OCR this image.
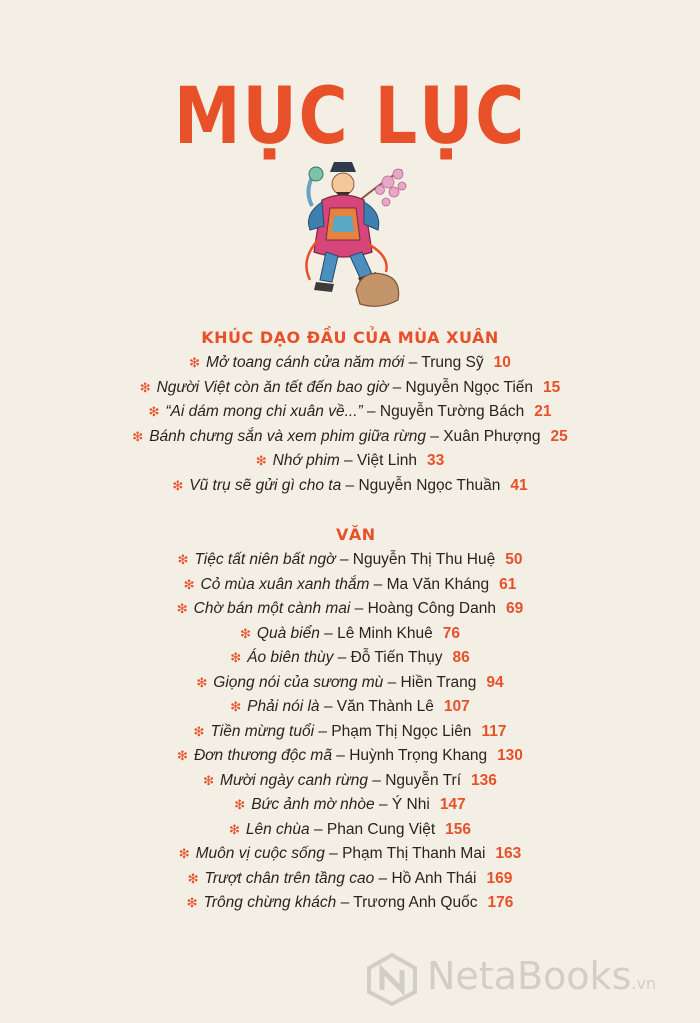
MỤC LỤC
KHÚC DẠO ĐẦU CỦA MÙA XUÂN
❇ Mở toang cánh cửa năm mới – Trung Sỹ 10
❇ Người Việt còn ăn tết đến bao giờ – Nguyễn Ngọc Tiến 15
❇ “Ai dám mong chi xuân về...” – Nguyễn Tường Bách 21
❇ Bánh chưng sắn và xem phim giữa rừng – Xuân Phượng 25
❇ Nhớ phim – Việt Linh 33
❇ Vũ trụ sẽ gửi gì cho ta – Nguyễn Ngọc Thuần 41
VĂN
❇ Tiệc tất niên bất ngờ – Nguyễn Thị Thu Huệ 50
❇ Cỏ mùa xuân xanh thắm – Ma Văn Kháng 61
❇ Chờ bán một cành mai – Hoàng Công Danh 69
❇ Quà biển – Lê Minh Khuê 76
❇ Áo biên thùy – Đỗ Tiến Thụy 86
❇ Giọng nói của sương mù – Hiền Trang 94
❇ Phải nói là – Văn Thành Lê 107
❇ Tiền mừng tuổi – Phạm Thị Ngọc Liên 117
❇ Đơn thương độc mã – Huỳnh Trọng Khang 130
❇ Mười ngày canh rừng – Nguyễn Trí 136
❇ Bức ảnh mờ nhòe – Ý Nhi 147
❇ Lên chùa – Phan Cung Việt 156
❇ Muôn vị cuộc sống – Phạm Thị Thanh Mai 163
❇ Trượt chân trên tầng cao – Hồ Anh Thái 169
❇ Trông chừng khách – Trương Anh Quốc 176
NetaBooks.vn
